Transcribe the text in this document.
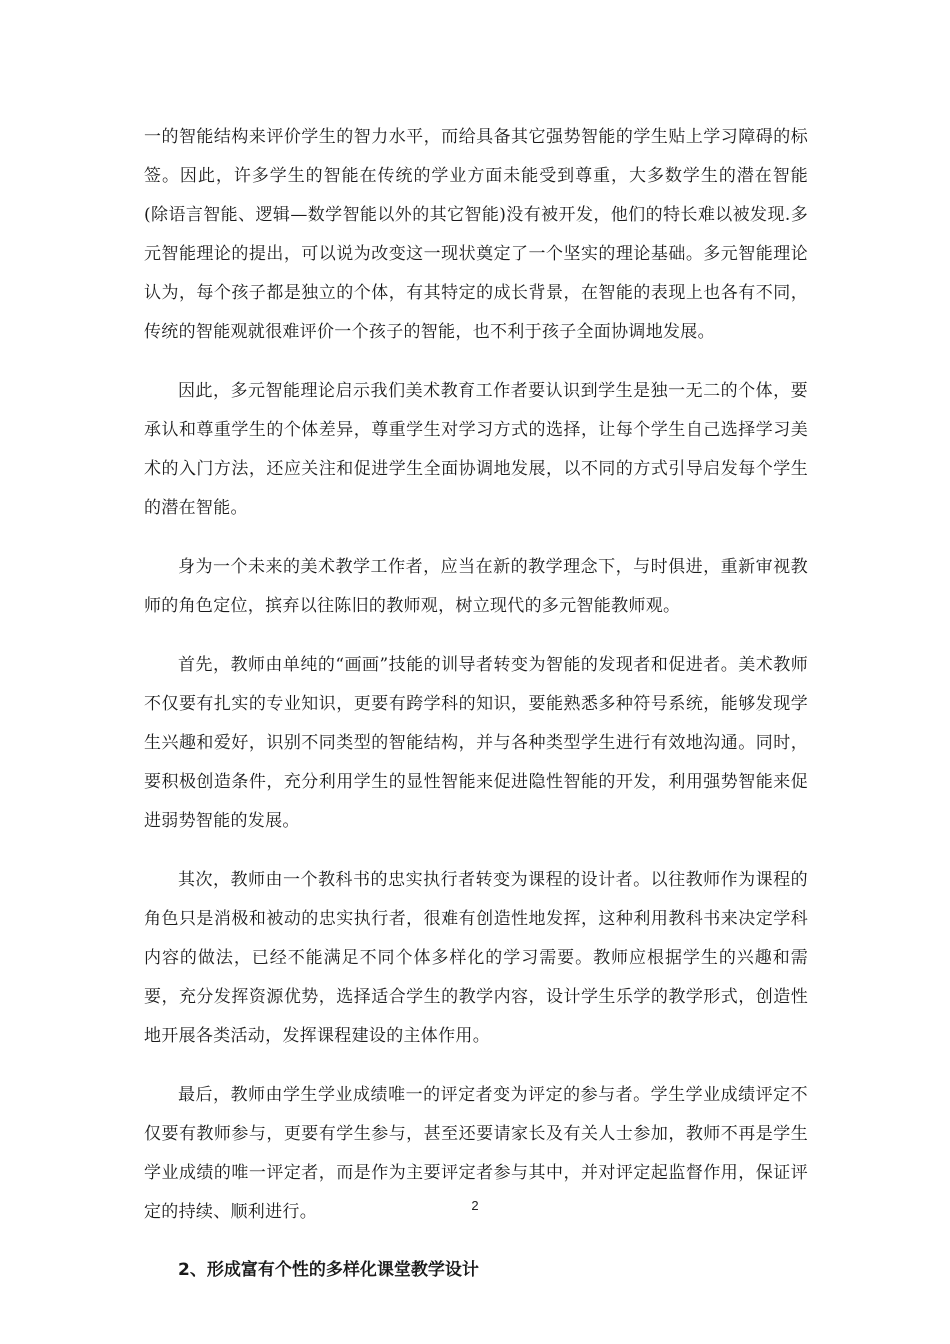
一的智能结构来评价学生的智力水平，而给具备其它强势智能的学生贴上学习障碍的标签。因此，许多学生的智能在传统的学业方面未能受到尊重，大多数学生的潜在智能(除语言智能、逻辑—数学智能以外的其它智能)没有被开发，他们的特长难以被发现.多元智能理论的提出，可以说为改变这一现状奠定了一个坚实的理论基础。多元智能理论认为，每个孩子都是独立的个体，有其特定的成长背景，在智能的表现上也各有不同，传统的智能观就很难评价一个孩子的智能，也不利于孩子全面协调地发展。

因此，多元智能理论启示我们美术教育工作者要认识到学生是独一无二的个体，要承认和尊重学生的个体差异，尊重学生对学习方式的选择，让每个学生自己选择学习美术的入门方法，还应关注和促进学生全面协调地发展，以不同的方式引导启发每个学生的潜在智能。

身为一个未来的美术教学工作者，应当在新的教学理念下，与时俱进，重新审视教师的角色定位，摈弃以往陈旧的教师观，树立现代的多元智能教师观。

首先，教师由单纯的“画画”技能的训导者转变为智能的发现者和促进者。美术教师不仅要有扎实的专业知识，更要有跨学科的知识，要能熟悉多种符号系统，能够发现学生兴趣和爱好，识别不同类型的智能结构，并与各种类型学生进行有效地沟通。同时，要积极创造条件，充分利用学生的显性智能来促进隐性智能的开发，利用强势智能来促进弱势智能的发展。

其次，教师由一个教科书的忠实执行者转变为课程的设计者。以往教师作为课程的角色只是消极和被动的忠实执行者，很难有创造性地发挥，这种利用教科书来决定学科内容的做法，已经不能满足不同个体多样化的学习需要。教师应根据学生的兴趣和需要，充分发挥资源优势，选择适合学生的教学内容，设计学生乐学的教学形式，创造性地开展各类活动，发挥课程建设的主体作用。

最后，教师由学生学业成绩唯一的评定者变为评定的参与者。学生学业成绩评定不仅要有教师参与，更要有学生参与，甚至还要请家长及有关人士参加，教师不再是学生学业成绩的唯一评定者，而是作为主要评定者参与其中，并对评定起监督作用，保证评定的持续、顺利进行。

2、形成富有个性的多样化课堂教学设计
2
